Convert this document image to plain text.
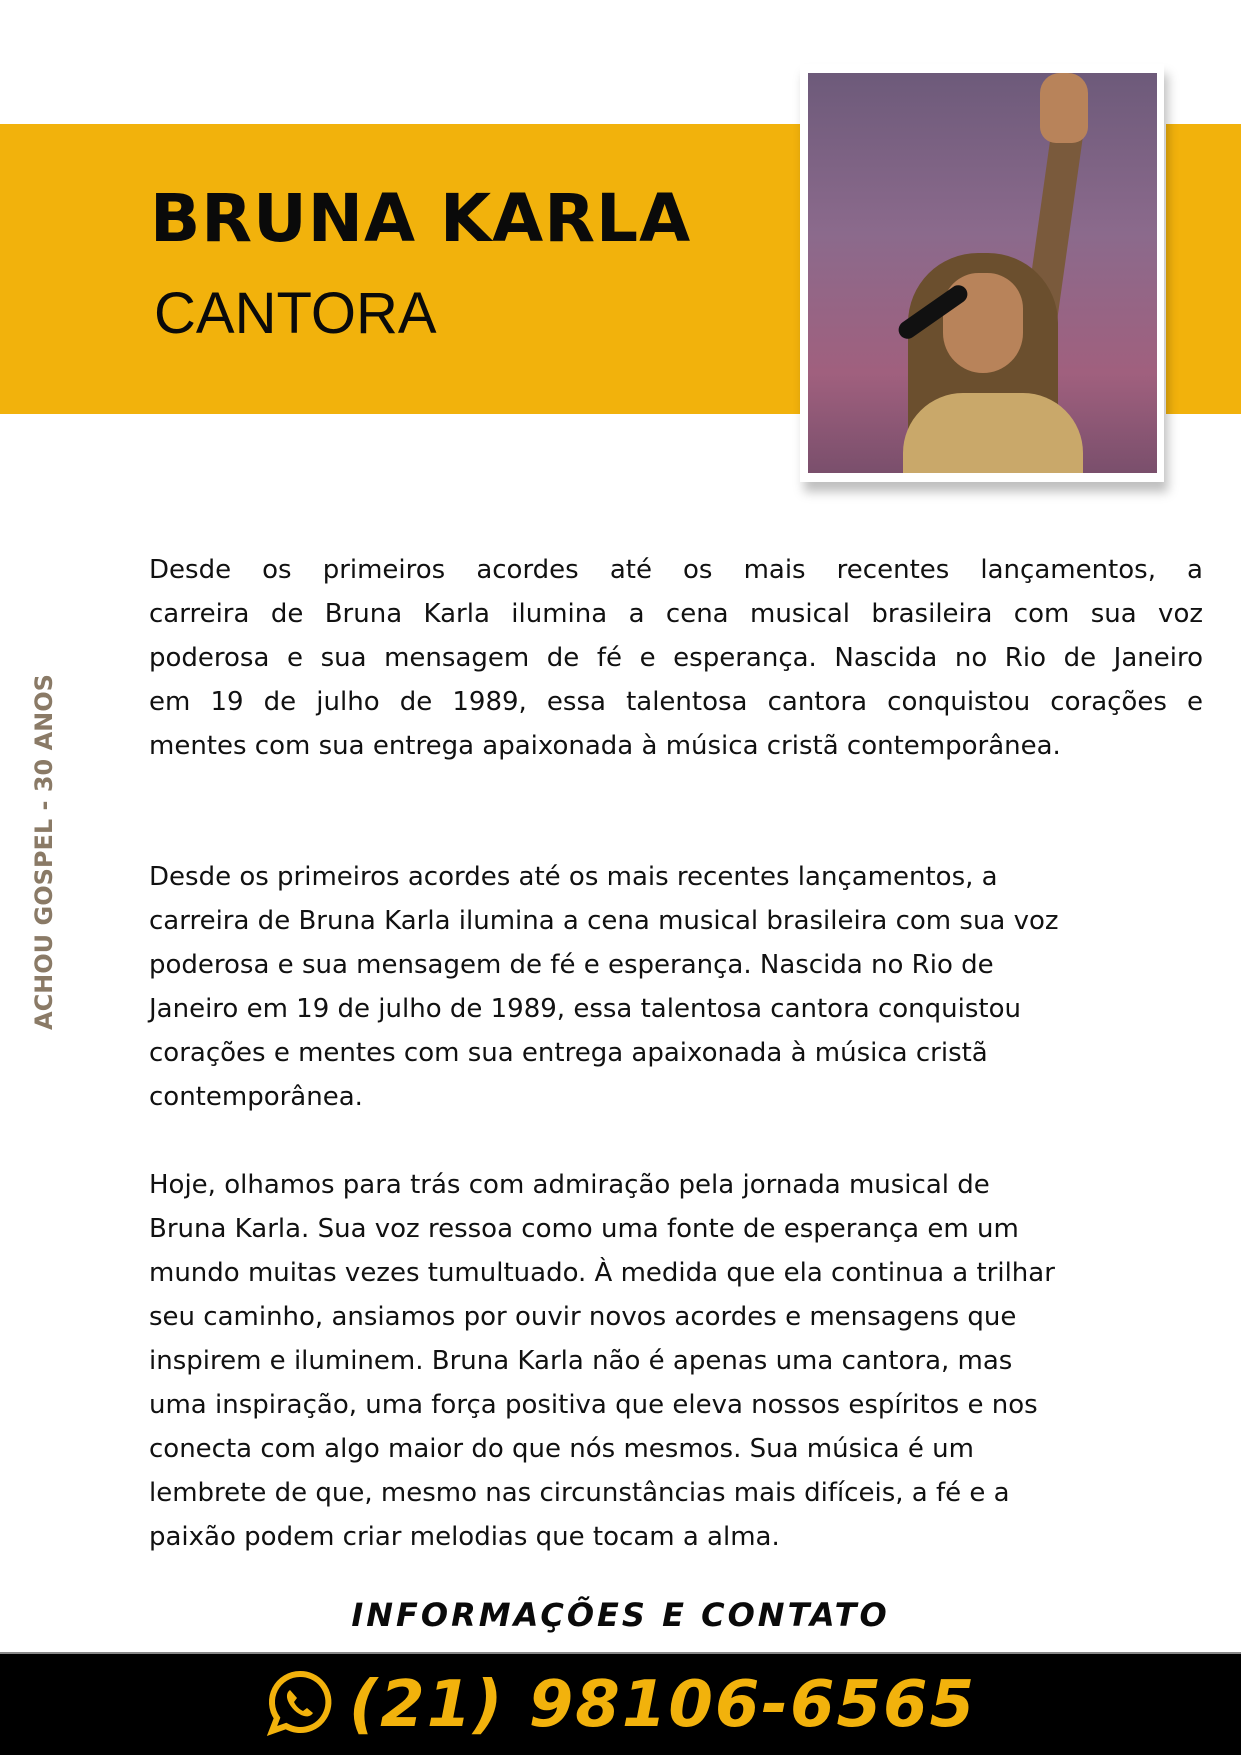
BRUNA KARLA
CANTORA
ACHOU GOSPEL - 30 ANOS
Desde os primeiros acordes até os mais recentes lançamentos, a
carreira de Bruna Karla ilumina a cena musical brasileira com sua voz
poderosa e sua mensagem de fé e esperança. Nascida no Rio de Janeiro
em 19 de julho de 1989, essa talentosa cantora conquistou corações e
mentes com sua entrega apaixonada à música cristã contemporânea.
Desde os primeiros acordes até os mais recentes lançamentos, a
carreira de Bruna Karla ilumina a cena musical brasileira com sua voz
poderosa e sua mensagem de fé e esperança. Nascida no Rio de
Janeiro em 19 de julho de 1989, essa talentosa cantora conquistou
corações e mentes com sua entrega apaixonada à música cristã
contemporânea.
Hoje, olhamos para trás com admiração pela jornada musical de
Bruna Karla. Sua voz ressoa como uma fonte de esperança em um
mundo muitas vezes tumultuado. À medida que ela continua a trilhar
seu caminho, ansiamos por ouvir novos acordes e mensagens que
inspirem e iluminem. Bruna Karla não é apenas uma cantora, mas
uma inspiração, uma força positiva que eleva nossos espíritos e nos
conecta com algo maior do que nós mesmos. Sua música é um
lembrete de que, mesmo nas circunstâncias mais difíceis, a fé e a
paixão podem criar melodias que tocam a alma.
INFORMAÇÕES E CONTATO
(21) 98106-6565
